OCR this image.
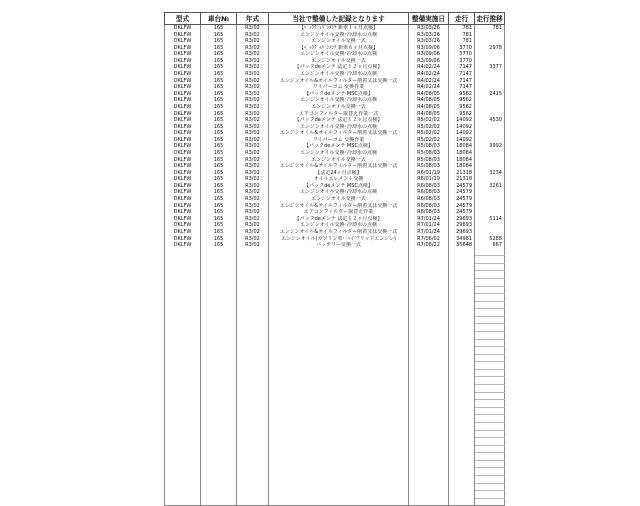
型式	車台№	年式	当社で整備した記録となります	整備実施日	走行	走行推移
DKLFW	165	R3/02	【ﾍﾞｯｸｸﾞｯﾊﾟﾝﾒﾝﾃ 新車１ヶ月点検】	R3/03/26	781	781
DKLFW	165	R3/02	エンジンオイル交換･冷却水の点検	R3/03/26	781	
DKLFW	165	R3/02	エンジンオイル交換一式	R3/03/26	781	
DKLFW	165	R3/02	【ﾍﾞｯｸｸﾞｯﾊﾟﾝﾒﾝﾃ 新車６ヶ月点検】	R3/09/06	3770	2978
DKLFW	165	R3/02	エンジンオイル交換･冷却水の点検	R3/09/06	3770	
DKLFW	165	R3/02	エンジンオイル交換一式	R3/09/06	3770	
DKLFW	165	R3/02	【パックdeメンテ 法定１２ヶ月点検】	R4/02/24	7147	3377
DKLFW	165	R3/02	エンジンオイル交換･冷却水の点検	R4/02/24	7147	
DKLFW	165	R3/02	エンジンオイル&オイルフィルター削着又は交換一式	R4/02/24	7147	
DKLFW	165	R3/02	ワイパーゴム 交換作業	R4/02/24	7147	
DKLFW	165	R3/02	【パックdeメンテ MSC点検】	R4/08/05	9562	2415
DKLFW	165	R3/02	エンジンオイル交換･冷却水の点検	R4/08/05	9562	
DKLFW	165	R3/02	エンジンオイル交換一式	R4/08/05	9562	
DKLFW	165	R3/02	エアコンフィルター取替え作業一式	R4/08/05	9562	
DKLFW	165	R3/02	【パックdeメンテ 法定１２ヶ月点検】	R5/02/02	14092	4530
DKLFW	165	R3/02	エンジンオイル交換･冷却水の点検	R5/02/02	14092	
DKLFW	165	R3/02	エンジンオイル&オイルフィルター削着又は交換一式	R5/02/02	14092	
DKLFW	165	R3/02	ワイパーゴム 交換作業	R5/02/02	14092	
DKLFW	165	R3/02	【パックdeメンテ MSC点検】	R5/08/03	18084	3992
DKLFW	165	R3/02	エンジンオイル交換･冷却水の点検	R5/08/03	18084	
DKLFW	165	R3/02	エンジンオイル交換一式	R5/08/03	18084	
DKLFW	165	R3/02	エンジンオイル&オイルフィルター削着又は交換一式	R5/08/03	18084	
DKLFW	165	R3/02	【法定24ヶ月点検】	R6/01/19	21318	3234
DKLFW	165	R3/02	オイルエレメント交換	R6/01/19	21318	
DKLFW	165	R3/02	【パックdeメンテ MSC点検】	R6/08/03	24579	3261
DKLFW	165	R3/02	エンジンオイル交換･冷却水の点検	R6/08/03	24579	
DKLFW	165	R3/02	エンジンオイル交換一式	R6/08/03	24579	
DKLFW	165	R3/02	エンジンオイル&オイルフィルター削着又は交換一式	R6/08/03	24579	
DKLFW	165	R3/02	エアコンフィルター取替え作業	R6/08/03	24579	
DKLFW	165	R3/02	【パックdeメンテ 法定１２ヶ月点検】	R7/01/24	29693	5114
DKLFW	165	R3/02	エンジンオイル交換･冷却水の点検	R7/01/24	29693	
DKLFW	165	R3/02	エンジンオイル&オイルフィルター削着又は交換一式	R7/01/24	29693	
DKLFW	165	R3/02	エンジンオイル(ガソリン車･ハイブリッドエンジン)	R7/06/02	34981	5288
DKLFW	165	R3/02	バッテリー交換一式	R7/08/22	35648	667
